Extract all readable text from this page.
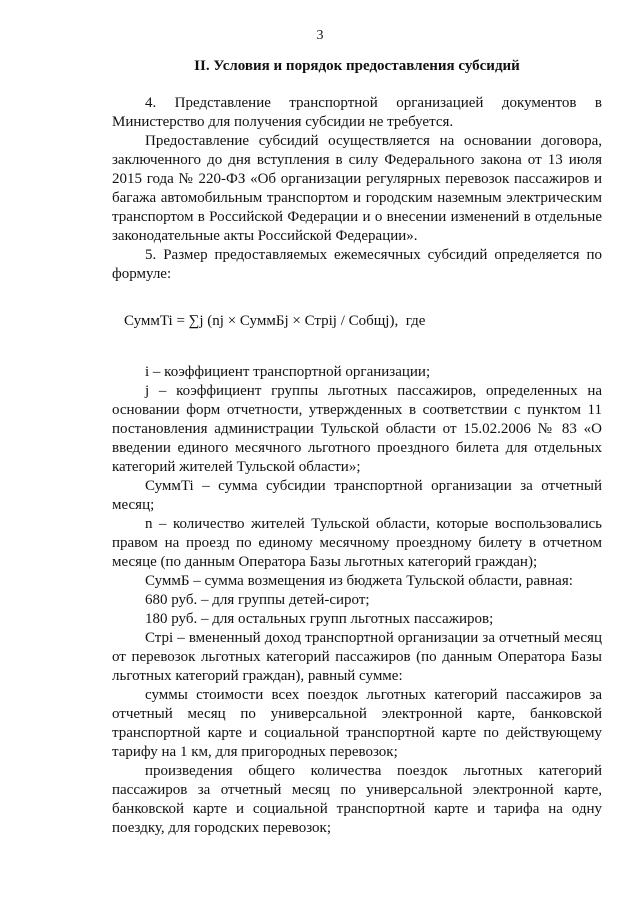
3
II. Условия и порядок предоставления субсидий

4. Представление транспортной организацией документов в Министерство для получения субсидии не требуется.

Предоставление субсидий осуществляется на основании договора, заключенного до дня вступления в силу Федерального закона от 13 июля 2015 года № 220-ФЗ «Об организации регулярных перевозок пассажиров и багажа автомобильным транспортом и городским наземным электрическим транспортом в Российской Федерации и о внесении изменений в отдельные законодательные акты Российской Федерации».

5. Размер предоставляемых ежемесячных субсидий определяется по формуле:

СуммTi = ∑j (nj × СуммБj × Стрij / Собщj),  где

i – коэффициент транспортной организации;

j – коэффициент группы льготных пассажиров, определенных на основании форм отчетности, утвержденных в соответствии с пунктом 11 постановления администрации Тульской области от 15.02.2006 № 83 «О введении единого месячного льготного проездного билета для отдельных категорий жителей Тульской области»;

СуммTi – сумма субсидии транспортной организации за отчетный месяц;

n – количество жителей Тульской области, которые воспользовались правом на проезд по единому месячному проездному билету в отчетном месяце (по данным Оператора Базы льготных категорий граждан);

СуммБ – сумма возмещения из бюджета Тульской области, равная:

680 руб. – для группы детей-сирот;

180 руб. – для остальных групп льготных пассажиров;

Стрi – вмененный доход транспортной организации за отчетный месяц от перевозок льготных категорий пассажиров (по данным Оператора Базы льготных категорий граждан), равный сумме:

суммы стоимости всех поездок льготных категорий пассажиров за отчетный месяц по универсальной электронной карте, банковской транспортной карте и социальной транспортной карте по действующему тарифу на 1 км, для пригородных перевозок;

произведения общего количества поездок льготных категорий пассажиров за отчетный месяц по универсальной электронной карте, банковской карте и социальной транспортной карте и тарифа на одну поездку, для городских перевозок;
